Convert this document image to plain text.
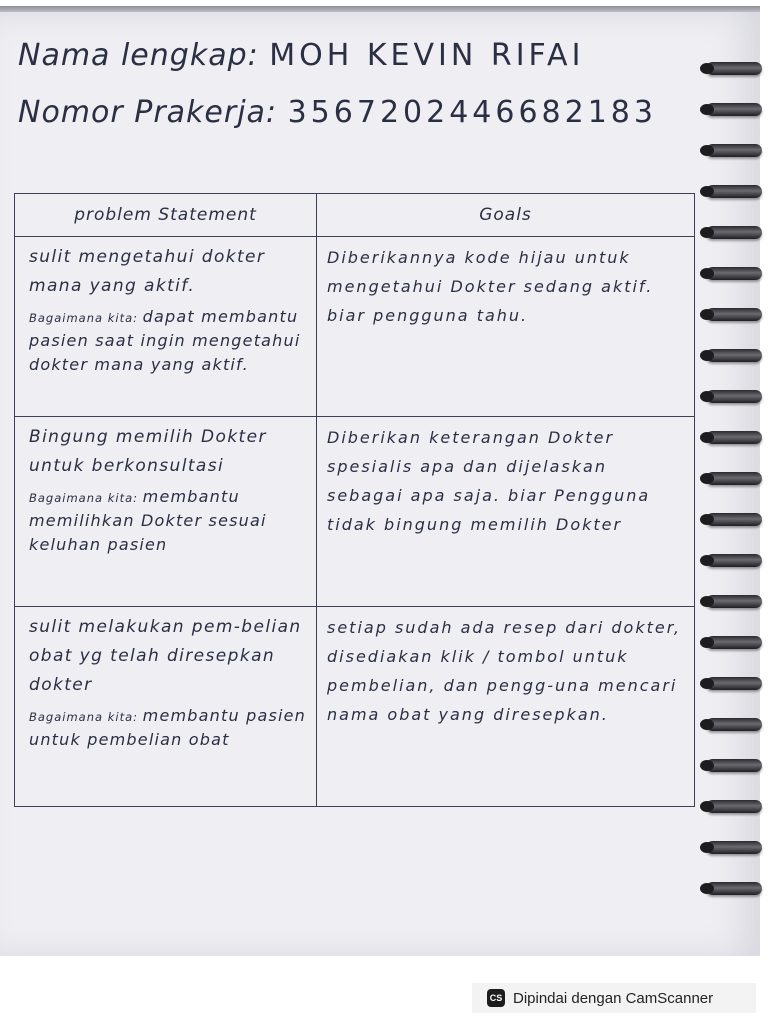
Nama lengkap: MOH KEVIN RIFAI
Nomor Prakerja: 3567202446682183
problem Statement	Goals

sulit mengetahui dokter mana yang aktif.
Bagaimana kita: dapat membantu pasien saat ingin mengetahui dokter mana yang aktif.	Diberikannya kode hijau untuk mengetahui Dokter sedang aktif. biar pengguna tahu.

Bingung memilih Dokter untuk berkonsultasi
Bagaimana kita: membantu memilihkan Dokter sesuai keluhan pasien	Diberikan keterangan Dokter spesialis apa dan dijelaskan sebagai apa saja. biar Pengguna tidak bingung memilih Dokter

sulit melakukan pem-belian obat yg telah diresepkan dokter
Bagaimana kita: membantu pasien untuk pembelian obat	setiap sudah ada resep dari dokter, disediakan klik / tombol untuk pembelian, dan pengg-una mencari nama obat yang diresepkan.
CS Dipindai dengan CamScanner
